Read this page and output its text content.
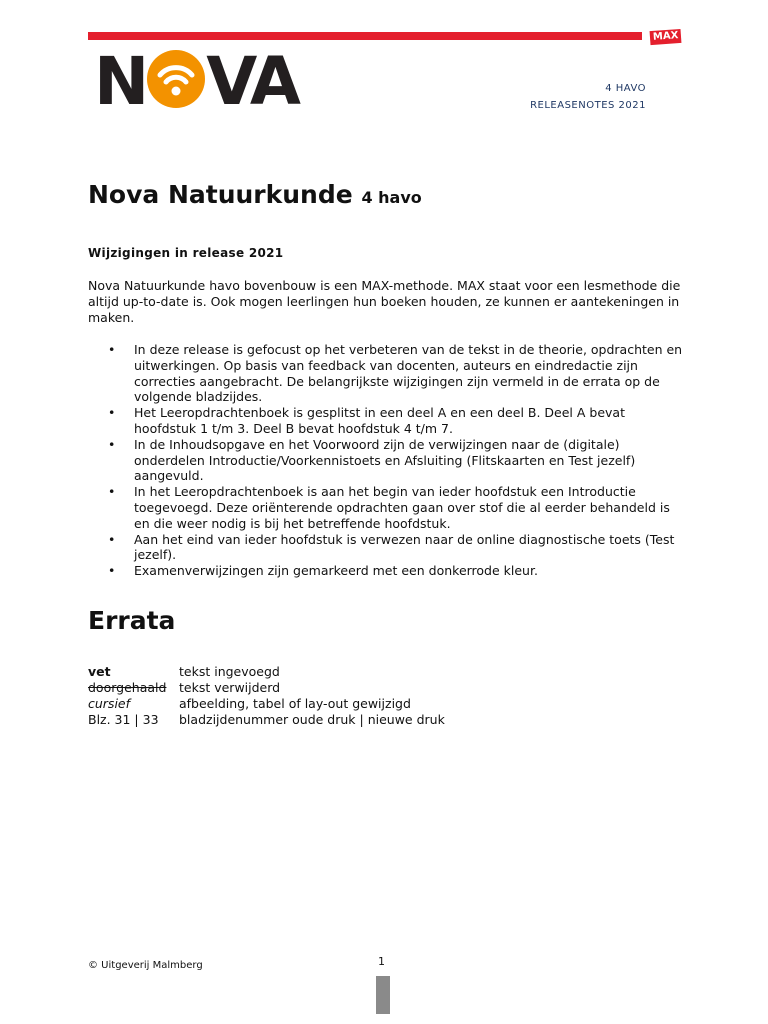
MAX
N VA	4 HAVO
RELEASENOTES 2021
Nova Natuurkunde 4 havo
Wijzigingen in release 2021

Nova Natuurkunde havo bovenbouw is een MAX-methode. MAX staat voor een lesmethode die altijd up-to-date is. Ook mogen leerlingen hun boeken houden, ze kunnen er aantekeningen in maken.

• In deze release is gefocust op het verbeteren van de tekst in de theorie, opdrachten en uitwerkingen. Op basis van feedback van docenten, auteurs en eindredactie zijn correcties aangebracht. De belangrijkste wijzigingen zijn vermeld in de errata op de volgende bladzijdes.
• Het Leeropdrachtenboek is gesplitst in een deel A en een deel B. Deel A bevat hoofdstuk 1 t/m 3. Deel B bevat hoofdstuk 4 t/m 7.
• In de Inhoudsopgave en het Voorwoord zijn de verwijzingen naar de (digitale) onderdelen Introductie/Voorkennistoets en Afsluiting (Flitskaarten en Test jezelf) aangevuld.
• In het Leeropdrachtenboek is aan het begin van ieder hoofdstuk een Introductie toegevoegd. Deze oriënterende opdrachten gaan over stof die al eerder behandeld is en die weer nodig is bij het betreffende hoofdstuk.
• Aan het eind van ieder hoofdstuk is verwezen naar de online diagnostische toets (Test jezelf).
• Examenverwijzingen zijn gemarkeerd met een donkerrode kleur.
Errata
vet	tekst ingevoegd
doorgehaald	tekst verwijderd
cursief	afbeelding, tabel of lay-out gewijzigd
Blz. 31 | 33	bladzijdenummer oude druk | nieuwe druk
© Uitgeverij Malmberg	1
